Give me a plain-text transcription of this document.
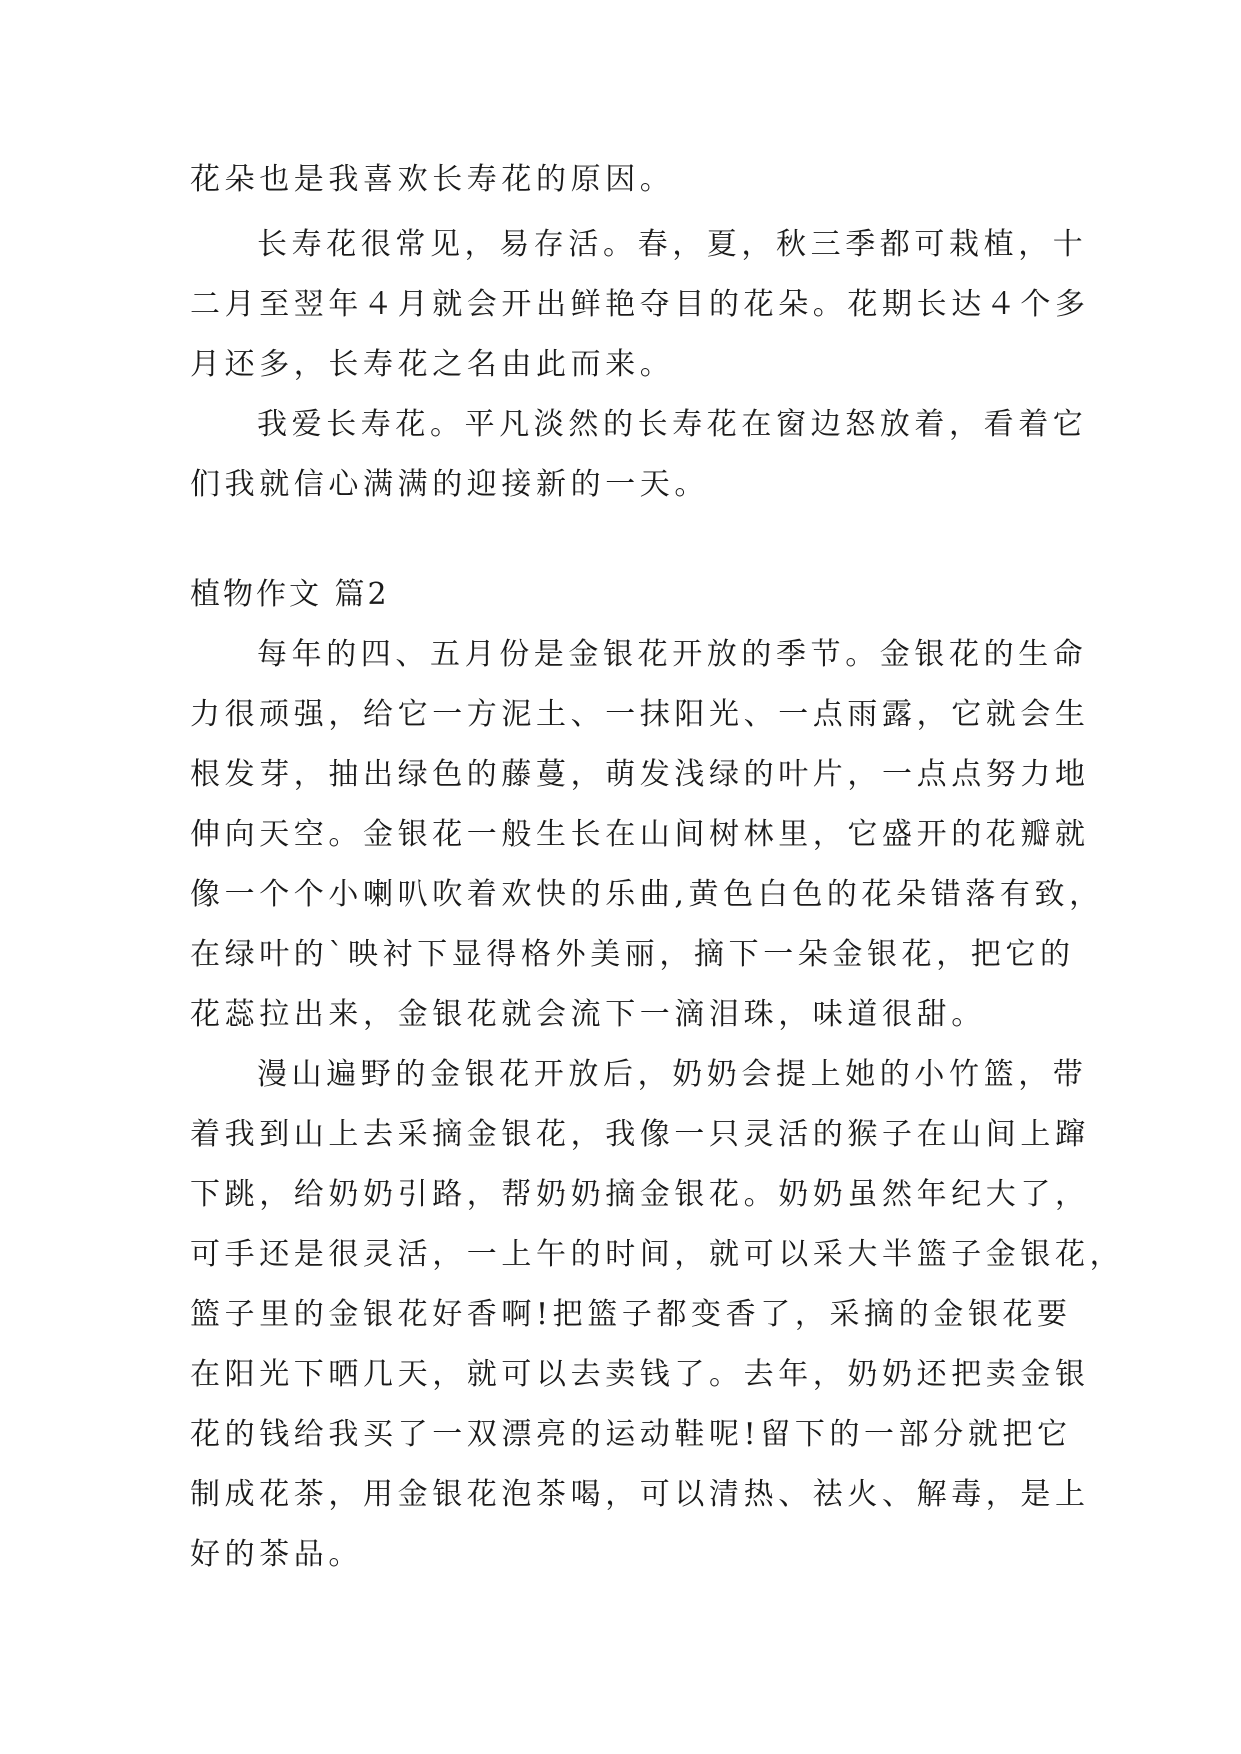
花朵也是我喜欢长寿花的原因。
长寿花很常见，易存活。春，夏，秋三季都可栽植，十
二月至翌年４月就会开出鲜艳夺目的花朵。花期长达４个多
月还多，长寿花之名由此而来。
我爱长寿花。平凡淡然的长寿花在窗边怒放着，看着它
们我就信心满满的迎接新的一天。
植物作文 篇2
每年的四、五月份是金银花开放的季节。金银花的生命
力很顽强，给它一方泥土、一抹阳光、一点雨露，它就会生
根发芽，抽出绿色的藤蔓，萌发浅绿的叶片，一点点努力地
伸向天空。金银花一般生长在山间树林里，它盛开的花瓣就
像一个个小喇叭吹着欢快的乐曲,黄色白色的花朵错落有致，
在绿叶的`映衬下显得格外美丽，摘下一朵金银花，把它的
花蕊拉出来，金银花就会流下一滴泪珠，味道很甜。
漫山遍野的金银花开放后，奶奶会提上她的小竹篮，带
着我到山上去采摘金银花，我像一只灵活的猴子在山间上蹿
下跳，给奶奶引路，帮奶奶摘金银花。奶奶虽然年纪大了，
可手还是很灵活，一上午的时间，就可以采大半篮子金银花，
篮子里的金银花好香啊!把篮子都变香了，采摘的金银花要
在阳光下晒几天，就可以去卖钱了。去年，奶奶还把卖金银
花的钱给我买了一双漂亮的运动鞋呢!留下的一部分就把它
制成花茶，用金银花泡茶喝，可以清热、祛火、解毒，是上
好的茶品。
